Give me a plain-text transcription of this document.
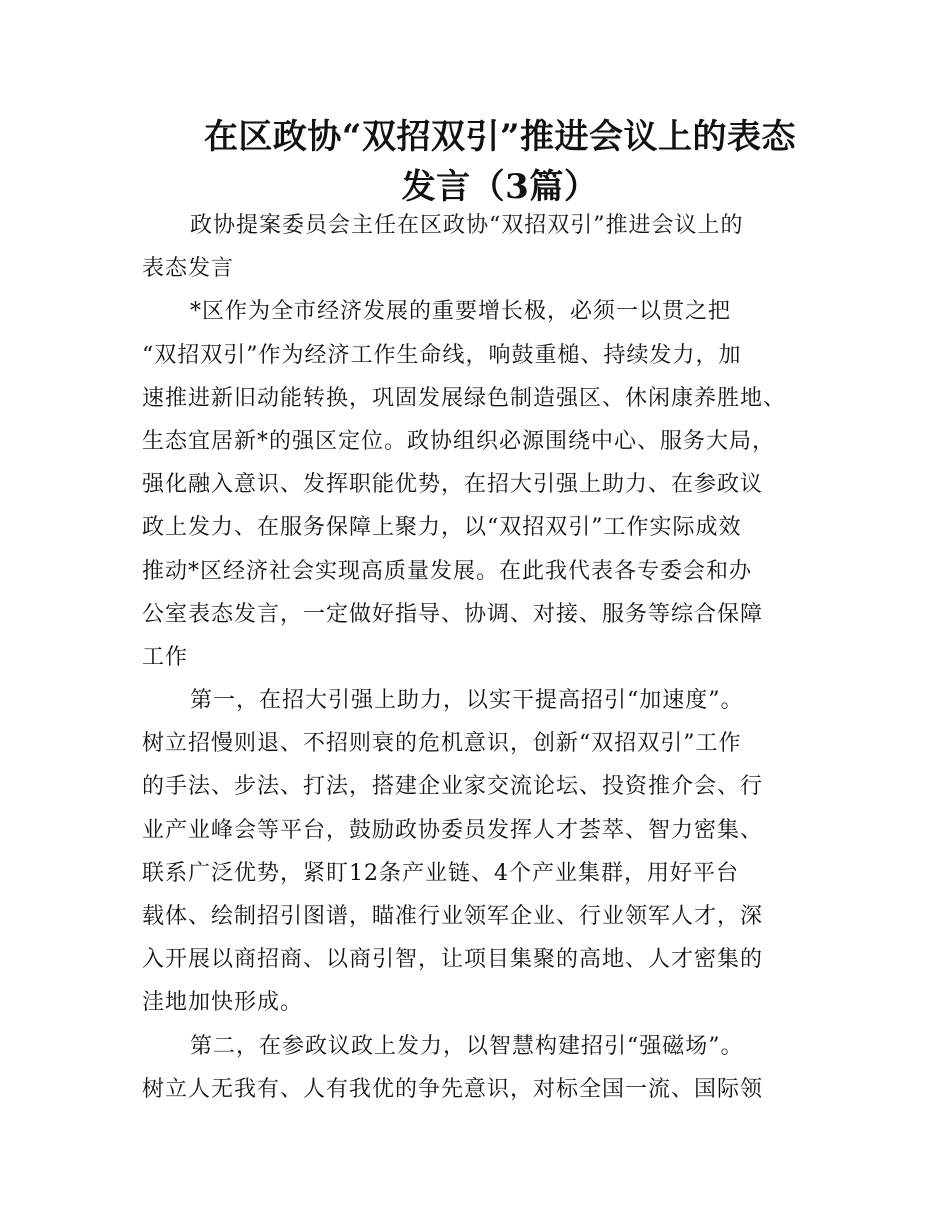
在区政协“双招双引”推进会议上的表态
发言（3篇）
政协提案委员会主任在区政协“双招双引”推进会议上的
表态发言
*区作为全市经济发展的重要增长极，必须一以贯之把
“双招双引”作为经济工作生命线，响鼓重槌、持续发力，加
速推进新旧动能转换，巩固发展绿色制造强区、休闲康养胜地、
生态宜居新*的强区定位。政协组织必源围绕中心、服务大局，
强化融入意识、发挥职能优势，在招大引强上助力、在参政议
政上发力、在服务保障上聚力，以“双招双引”工作实际成效
推动*区经济社会实现高质量发展。在此我代表各专委会和办
公室表态发言，一定做好指导、协调、对接、服务等综合保障
工作
第一，在招大引强上助力，以实干提高招引“加速度”。
树立招慢则退、不招则衰的危机意识，创新“双招双引”工作
的手法、步法、打法，搭建企业家交流论坛、投资推介会、行
业产业峰会等平台，鼓励政协委员发挥人才荟萃、智力密集、
联系广泛优势，紧盯12条产业链、4个产业集群，用好平台
载体、绘制招引图谱，瞄准行业领军企业、行业领军人才，深
入开展以商招商、以商引智，让项目集聚的高地、人才密集的
洼地加快形成。
第二，在参政议政上发力，以智慧构建招引“强磁场”。
树立人无我有、人有我优的争先意识，对标全国一流、国际领
